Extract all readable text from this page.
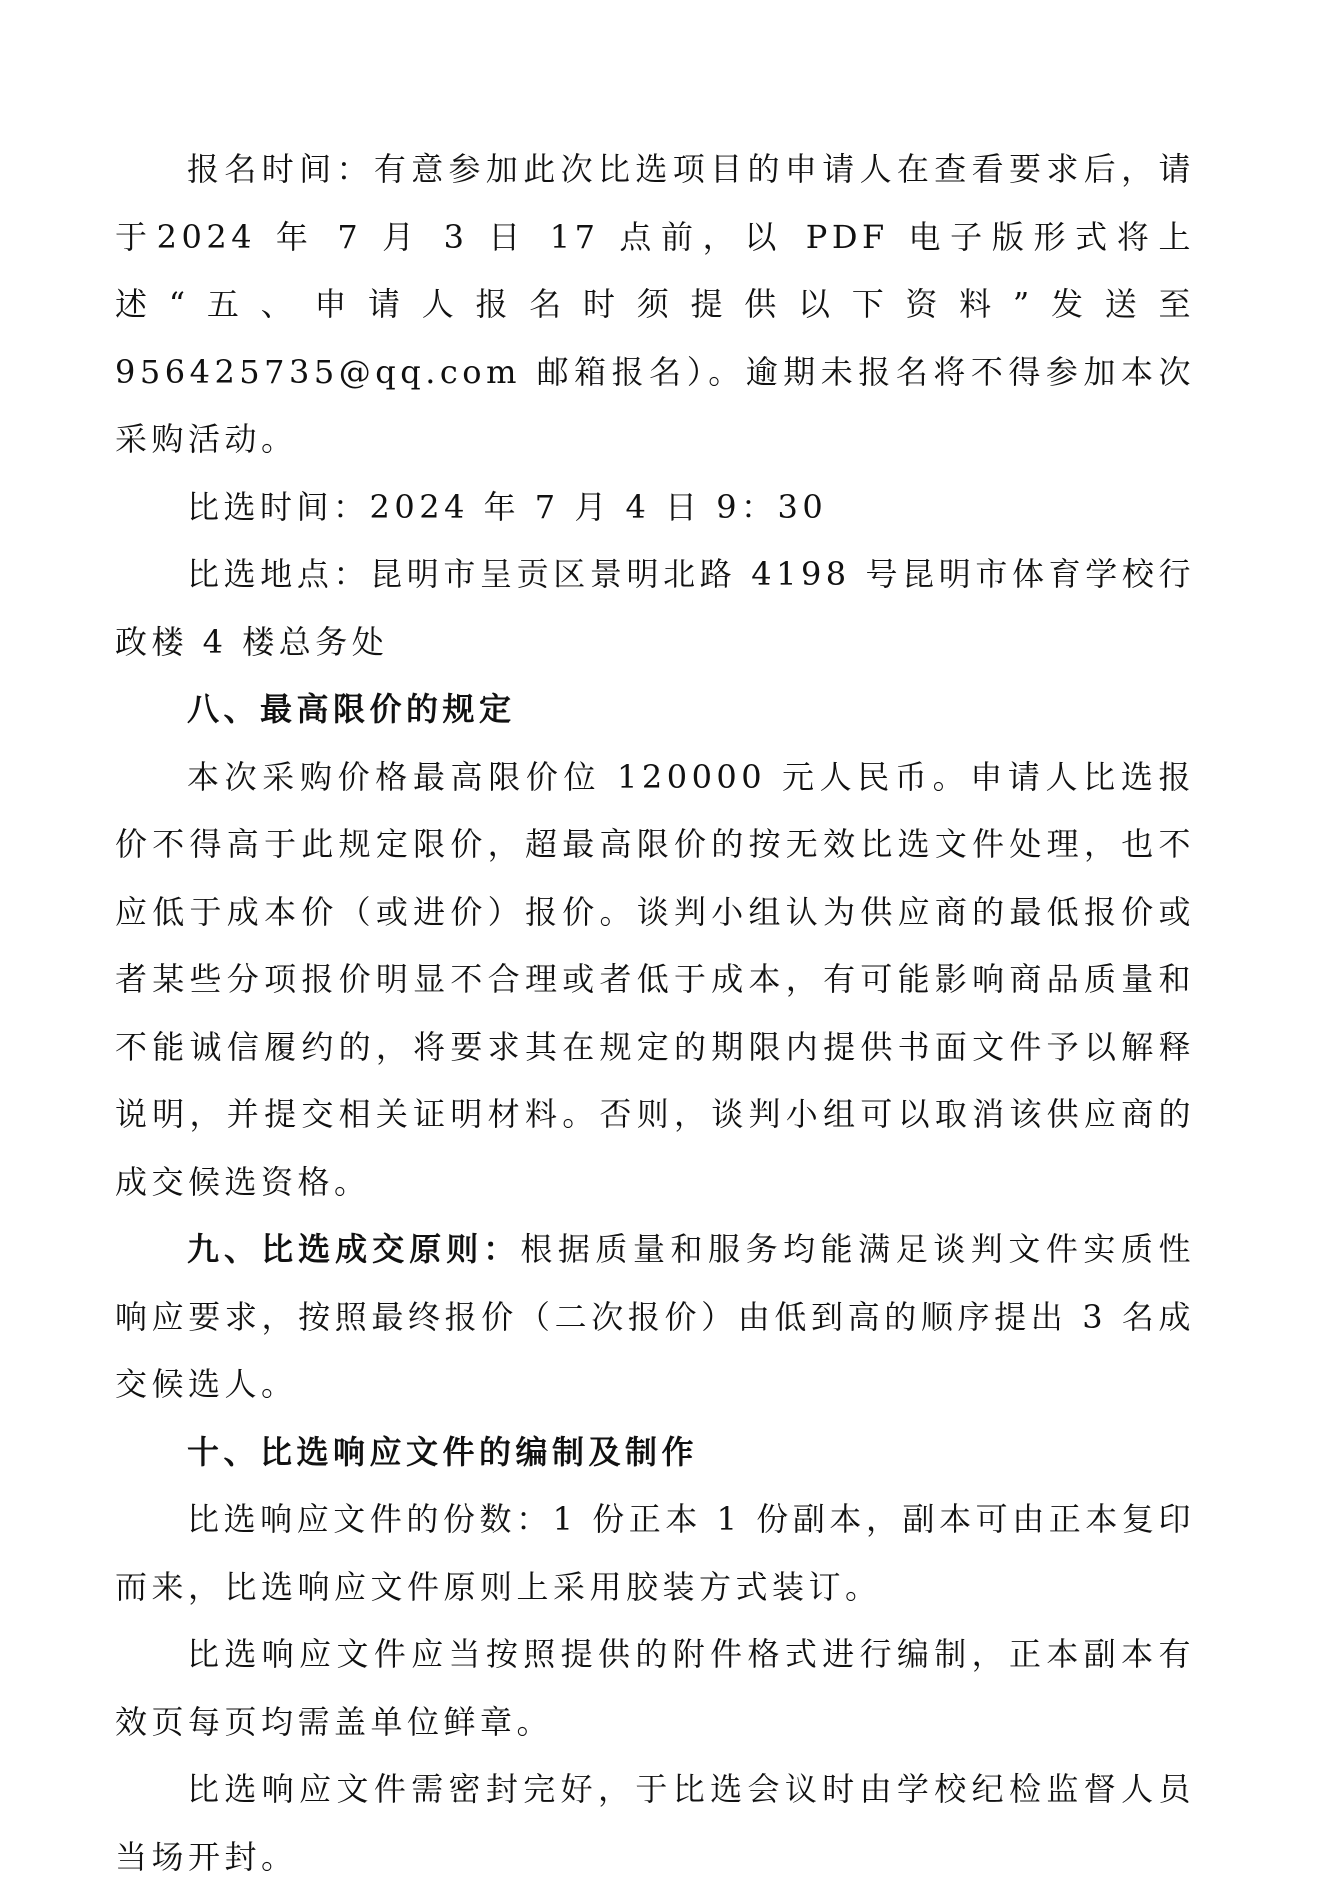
报名时间：有意参加此次比选项目的申请人在查看要求后，请于2024 年 7 月 3 日 17 点前，以 PDF 电子版形式将上述“五、申请人报名时须提供以下资料”发送至 956425735@qq.com 邮箱报名）。逾期未报名将不得参加本次采购活动。

比选时间：2024 年 7 月 4 日 9：30

比选地点：昆明市呈贡区景明北路 4198 号昆明市体育学校行政楼 4 楼总务处

八、最高限价的规定

本次采购价格最高限价位 120000 元人民币。申请人比选报价不得高于此规定限价，超最高限价的按无效比选文件处理，也不应低于成本价（或进价）报价。谈判小组认为供应商的最低报价或者某些分项报价明显不合理或者低于成本，有可能影响商品质量和不能诚信履约的，将要求其在规定的期限内提供书面文件予以解释说明，并提交相关证明材料。否则，谈判小组可以取消该供应商的成交候选资格。

九、比选成交原则：根据质量和服务均能满足谈判文件实质性响应要求，按照最终报价（二次报价）由低到高的顺序提出 3 名成交候选人。

十、比选响应文件的编制及制作

比选响应文件的份数：1 份正本 1 份副本，副本可由正本复印而来，比选响应文件原则上采用胶装方式装订。

比选响应文件应当按照提供的附件格式进行编制，正本副本有效页每页均需盖单位鲜章。

比选响应文件需密封完好，于比选会议时由学校纪检监督人员当场开封。
